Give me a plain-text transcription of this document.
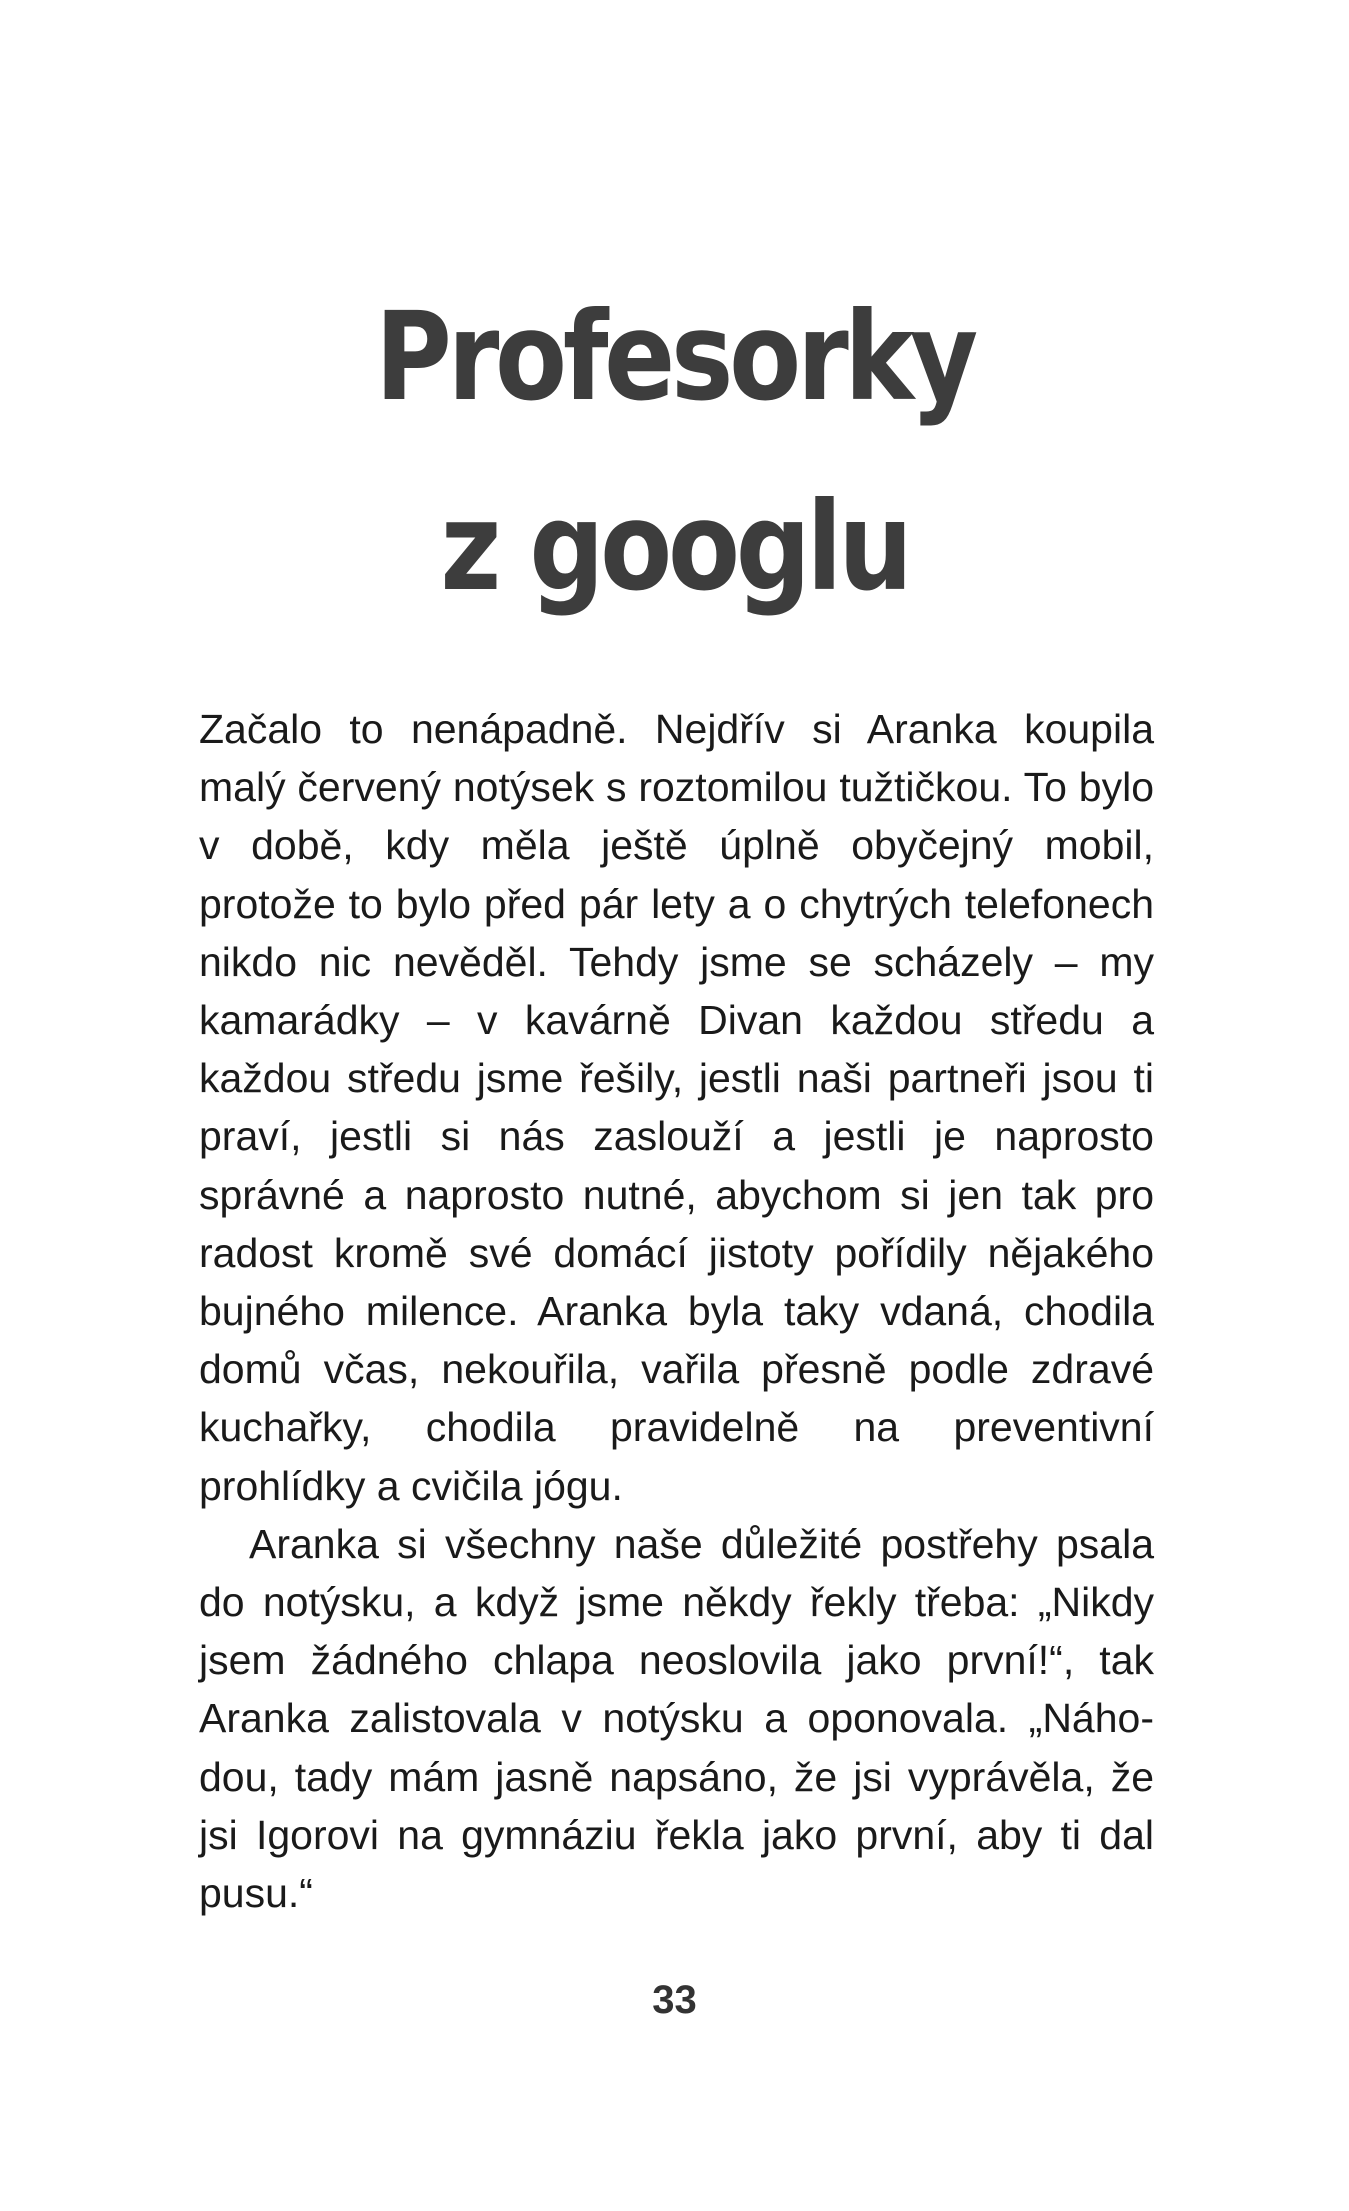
Profesorky
z googlu

Začalo to nenápadně. Nejdřív si Aranka koupila malý červený notýsek s roztomilou tužtičkou. To bylo v době, kdy měla ještě úplně obyčejný mobil, protože to bylo před pár lety a o chytrých telefonech nikdo nic nevěděl. Tehdy jsme se scházely – my kamarádky – v kavárně Divan každou středu a každou středu jsme řešily, jestli naši partneři jsou ti praví, jestli si nás zaslouží a jestli je naprosto správné a naprosto nutné, abychom si jen tak pro radost kromě své domácí jistoty pořídily nějakého bujného milence. Aranka byla taky vdaná, chodila domů včas, nekouřila, vařila přesně podle zdravé kuchařky, chodila pravidelně na preventivní prohlídky a cvičila jógu.

Aranka si všechny naše důležité postřehy psala do notýsku, a když jsme někdy řekly třeba: „Nikdy jsem žádného chlapa neoslovila jako první!“, tak Aranka zalistovala v notýsku a oponovala. „Náhodou, tady mám jasně napsáno, že jsi vyprávěla, že jsi Igorovi na gymnáziu řekla jako první, aby ti dal pusu.“

33
